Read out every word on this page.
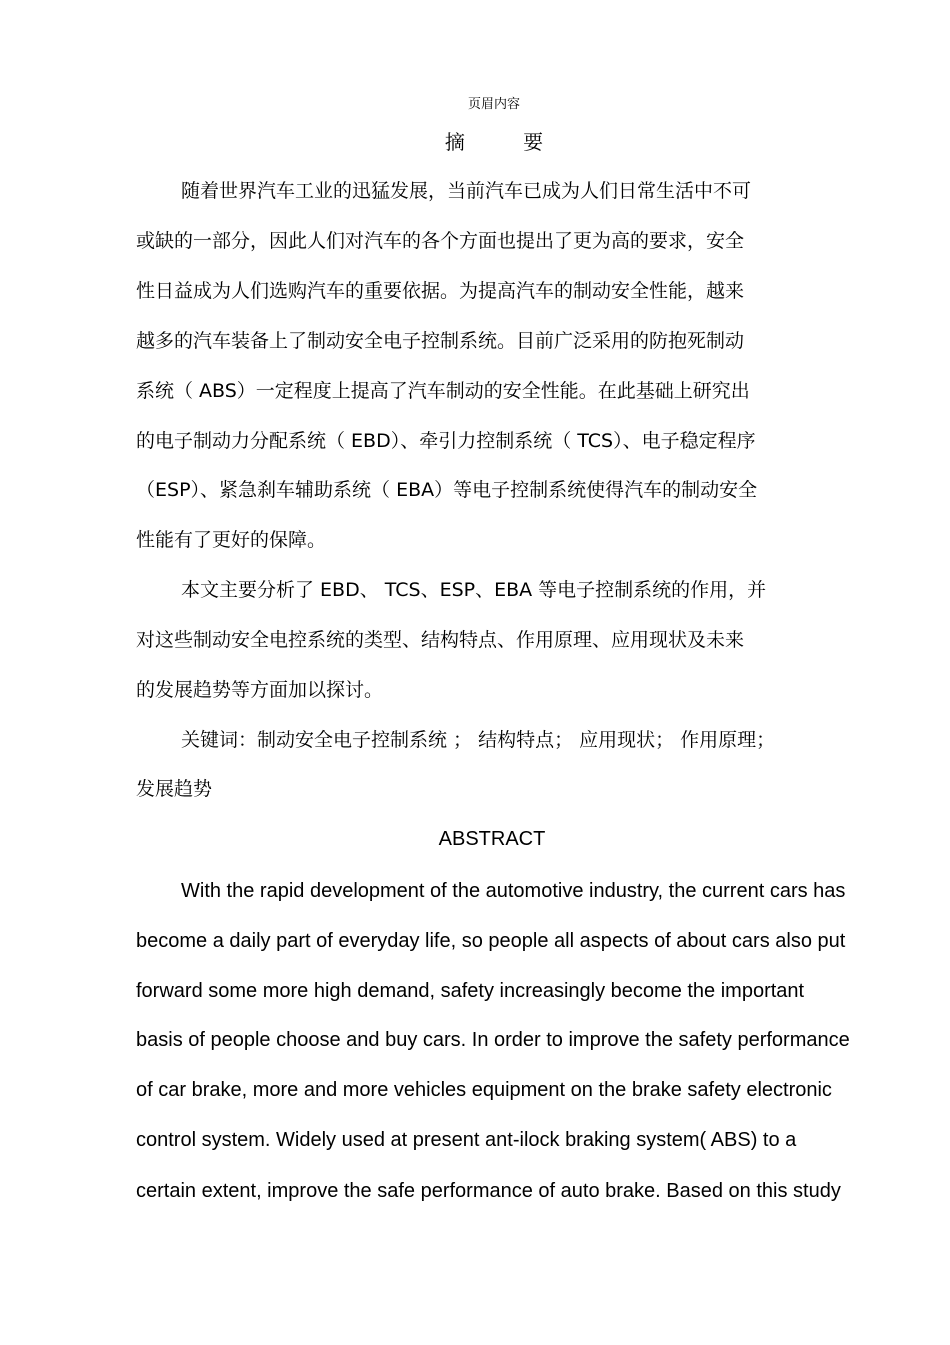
页眉内容
摘 要
随着世界汽车工业的迅猛发展，当前汽车已成为人们日常生活中不可
或缺的一部分，因此人们对汽车的各个方面也提出了更为高的要求，安全
性日益成为人们选购汽车的重要依据。为提高汽车的制动安全性能，越来
越多的汽车装备上了制动安全电子控制系统。目前广泛采用的防抱死制动
系统（ ABS）一定程度上提高了汽车制动的安全性能。在此基础上研究出
的电子制动力分配系统（ EBD）、牵引力控制系统（ TCS）、电子稳定程序
（ESP）、紧急刹车辅助系统（ EBA）等电子控制系统使得汽车的制动安全
性能有了更好的保障。
本文主要分析了 EBD、 TCS、ESP、EBA 等电子控制系统的作用，并
对这些制动安全电控系统的类型、结构特点、作用原理、应用现状及未来
的发展趋势等方面加以探讨。
关键词：制动安全电子控制系统 ； 结构特点； 应用现状； 作用原理；
发展趋势
ABSTRACT
With the rapid development of the automotive industry, the current cars has
become a daily part of everyday life, so people all aspects of about cars also put
forward some more high demand, safety increasingly become the important
basis of people choose and buy cars. In order to improve the safety performance
of car brake, more and more vehicles equipment on the brake safety electronic
control system. Widely used at present ant-ilock braking system( ABS) to a
certain extent, improve the safe performance of auto brake. Based on this study
